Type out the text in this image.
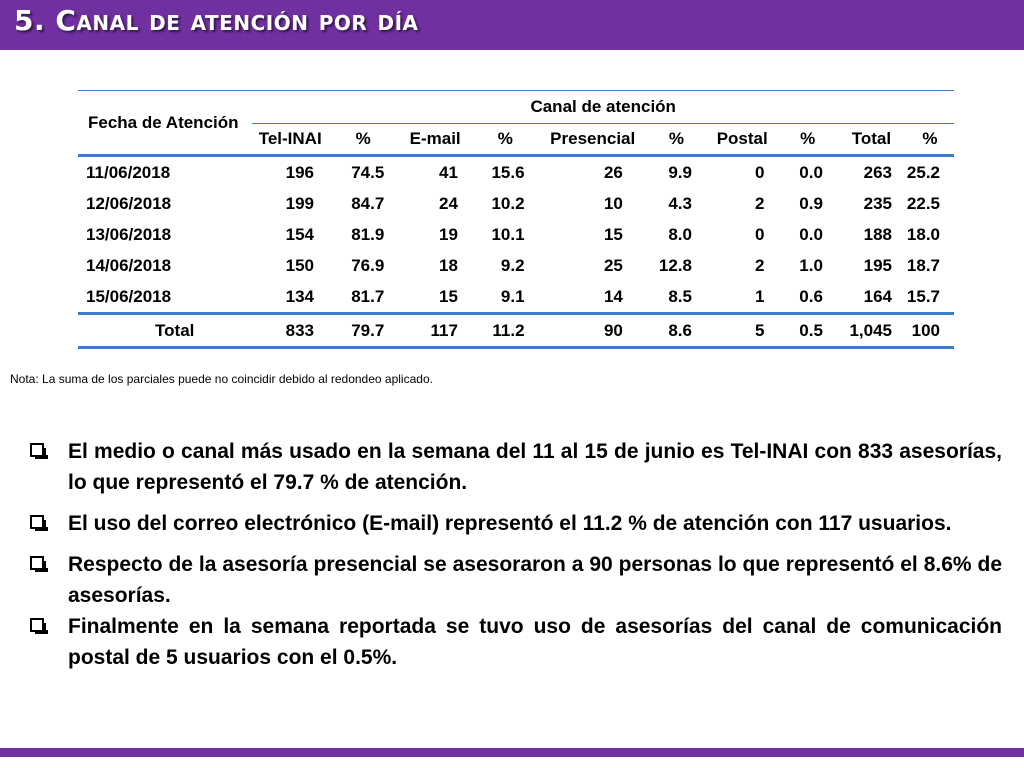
5. Canal de atención por día
Fecha de Atención	Canal de atención									
	Tel-INAI	%	E-mail	%	Presencial	%	Postal	%	Total	%
11/06/2018	196	74.5	41	15.6	26	9.9	0	0.0	263	25.2
12/06/2018	199	84.7	24	10.2	10	4.3	2	0.9	235	22.5
13/06/2018	154	81.9	19	10.1	15	8.0	0	0.0	188	18.0
14/06/2018	150	76.9	18	9.2	25	12.8	2	1.0	195	18.7
15/06/2018	134	81.7	15	9.1	14	8.5	1	0.6	164	15.7
Total	833	79.7	117	11.2	90	8.6	5	0.5	1,045	100
Nota: La suma de los parciales puede no coincidir debido al redondeo aplicado.
El medio o canal más usado en la semana del 11 al 15 de junio es Tel-INAI con 833 asesorías, lo que representó el 79.7 % de atención.
El uso del correo electrónico (E-mail) representó el 11.2 % de atención con 117 usuarios.
Respecto de la asesoría presencial se asesoraron a 90 personas lo que representó el 8.6% de asesorías.
Finalmente en la semana reportada se tuvo uso de asesorías del canal de comunicación postal de 5 usuarios con el 0.5%.
